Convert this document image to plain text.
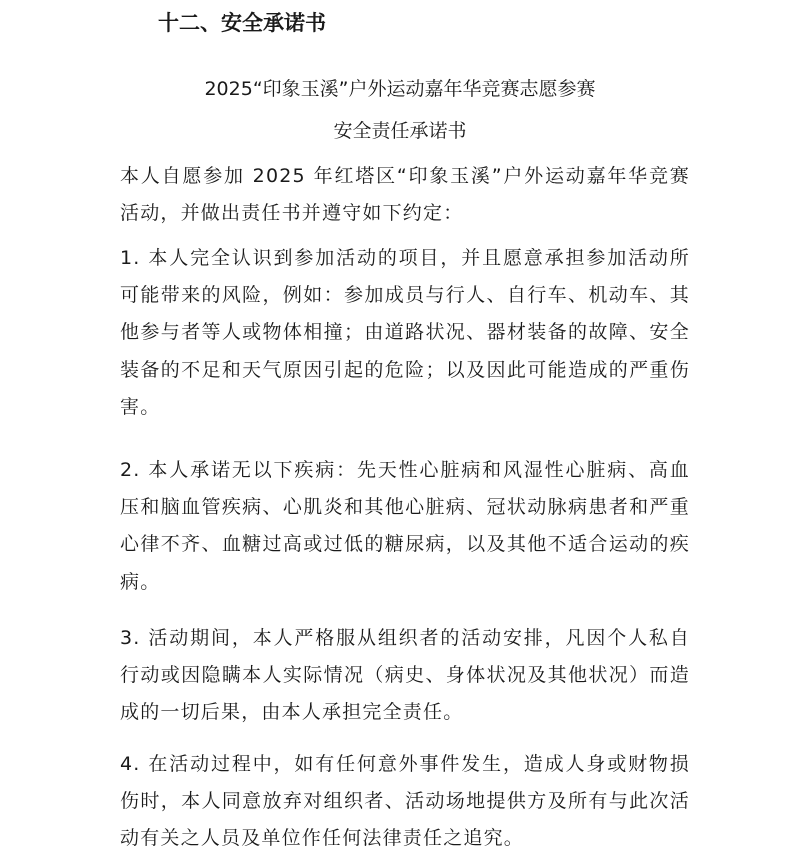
十二、安全承诺书
2025“印象玉溪”户外运动嘉年华竞赛志愿参赛
安全责任承诺书

本人自愿参加 2025 年红塔区“印象玉溪”户外运动嘉年华竞赛活动，并做出责任书并遵守如下约定：

1. 本人完全认识到参加活动的项目，并且愿意承担参加活动所可能带来的风险，例如：参加成员与行人、自行车、机动车、其他参与者等人或物体相撞；由道路状况、器材装备的故障、安全装备的不足和天气原因引起的危险；以及因此可能造成的严重伤害。

2. 本人承诺无以下疾病：先天性心脏病和风湿性心脏病、高血压和脑血管疾病、心肌炎和其他心脏病、冠状动脉病患者和严重心律不齐、血糖过高或过低的糖尿病，以及其他不适合运动的疾病。

3. 活动期间，本人严格服从组织者的活动安排，凡因个人私自行动或因隐瞒本人实际情况（病史、身体状况及其他状况）而造成的一切后果，由本人承担完全责任。

4. 在活动过程中，如有任何意外事件发生，造成人身或财物损伤时，本人同意放弃对组织者、活动场地提供方及所有与此次活动有关之人员及单位作任何法律责任之追究。
